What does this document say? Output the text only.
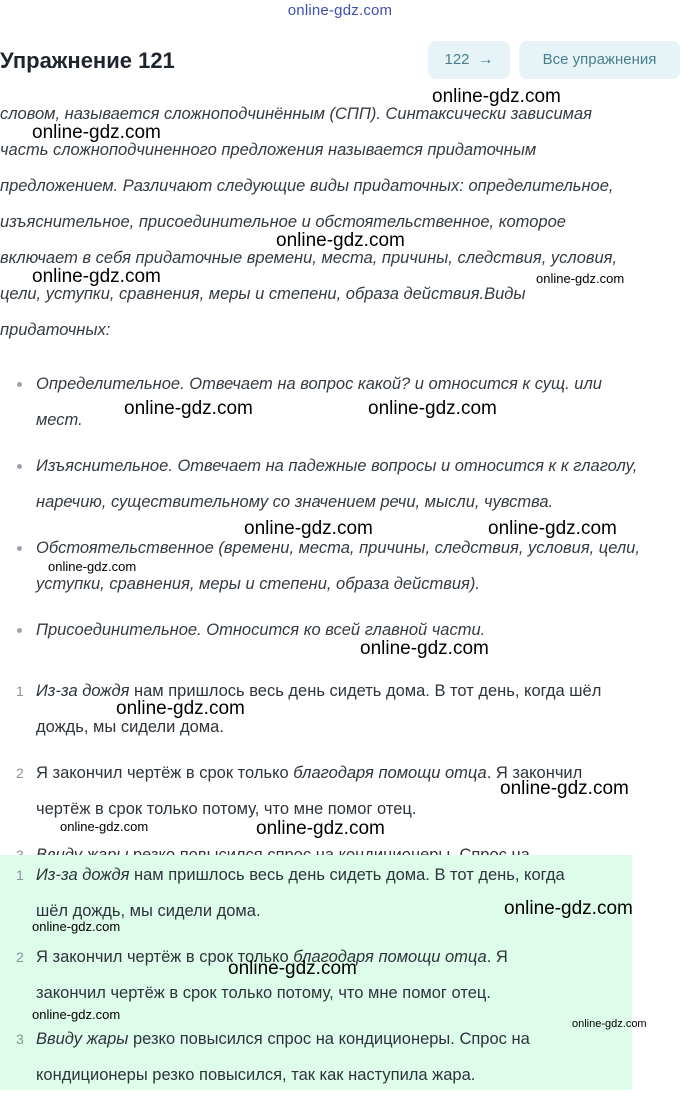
online-gdz.com
Упражнение 121	122 →	Все упражнения

словом, называется сложноподчинённым (СПП). Синтаксически зависимая

часть сложноподчиненного предложения называется придаточным

предложением. Различают следующие виды придаточных: определительное,

изъяснительное, присоединительное и обстоятельственное, которое

включает в себя придаточные времени, места, причины, следствия, условия,

цели, уступки, сравнения, меры и степени, образа действия.Виды

придаточных:

Определительное. Отвечает на вопрос какой? и относится к сущ. или
мест.
Изъяснительное. Отвечает на падежные вопросы и относится к к глаголу,
наречию, существительному со значением речи, мысли, чувства.
Обстоятельственное (времени, места, причины, следствия, условия, цели,
уступки, сравнения, меры и степени, образа действия).
Присоединительное. Относится ко всей главной части.
1 Из-за дождя нам пришлось весь день сидеть дома. В тот день, когда шёл
дождь, мы сидели дома.
2 Я закончил чертёж в срок только благодаря помощи отца. Я закончил
чертёж в срок только потому, что мне помог отец.
1 Из-за дождя нам пришлось весь день сидеть дома. В тот день, когда
шёл дождь, мы сидели дома.
2 Я закончил чертёж в срок только благодаря помощи отца. Я
закончил чертёж в срок только потому, что мне помог отец.
3 Ввиду жары резко повысился спрос на кондиционеры. Спрос на
кондиционеры резко повысился, так как наступила жара.
online-gdz.com
online-gdz.com
online-gdz.com
online-gdz.com	online-gdz.com
online-gdz.com	online-gdz.com
online-gdz.com	online-gdz.com
online-gdz.com
online-gdz.com
online-gdz.com
online-gdz.com
online-gdz.com	online-gdz.com
online-gdz.com
online-gdz.com
online-gdz.com
online-gdz.com
online-gdz.com
